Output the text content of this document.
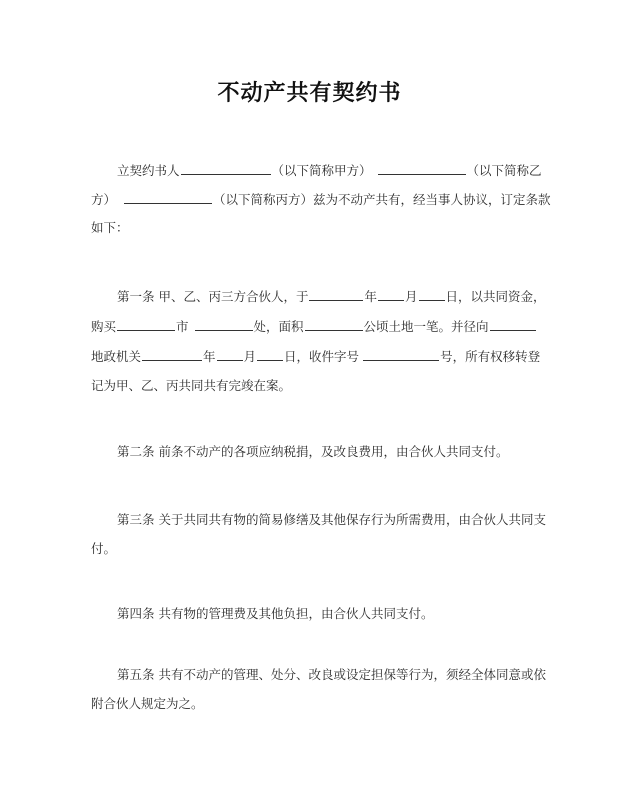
不动产共有契约书
立契约书人	（以下简称甲方）	（以下简称乙
方）	（以下简称丙方）兹为不动产共有，经当事人协议，订定条款
如下：
第一条 甲、乙、丙三方合伙人，于	年 月 日，以共同资金，
购买	市	处，面积	公顷土地一笔。并径向
地政机关	年 月 日，收件字号	号，所有权移转登
记为甲、乙、丙共同共有完竣在案。
第二条 前条不动产的各项应纳税捐，及改良费用，由合伙人共同支付。
第三条 关于共同共有物的简易修缮及其他保存行为所需费用，由合伙人共同支
付。
第四条 共有物的管理费及其他负担，由合伙人共同支付。
第五条 共有不动产的管理、处分、改良或设定担保等行为，须经全体同意或依
附合伙人规定为之。
